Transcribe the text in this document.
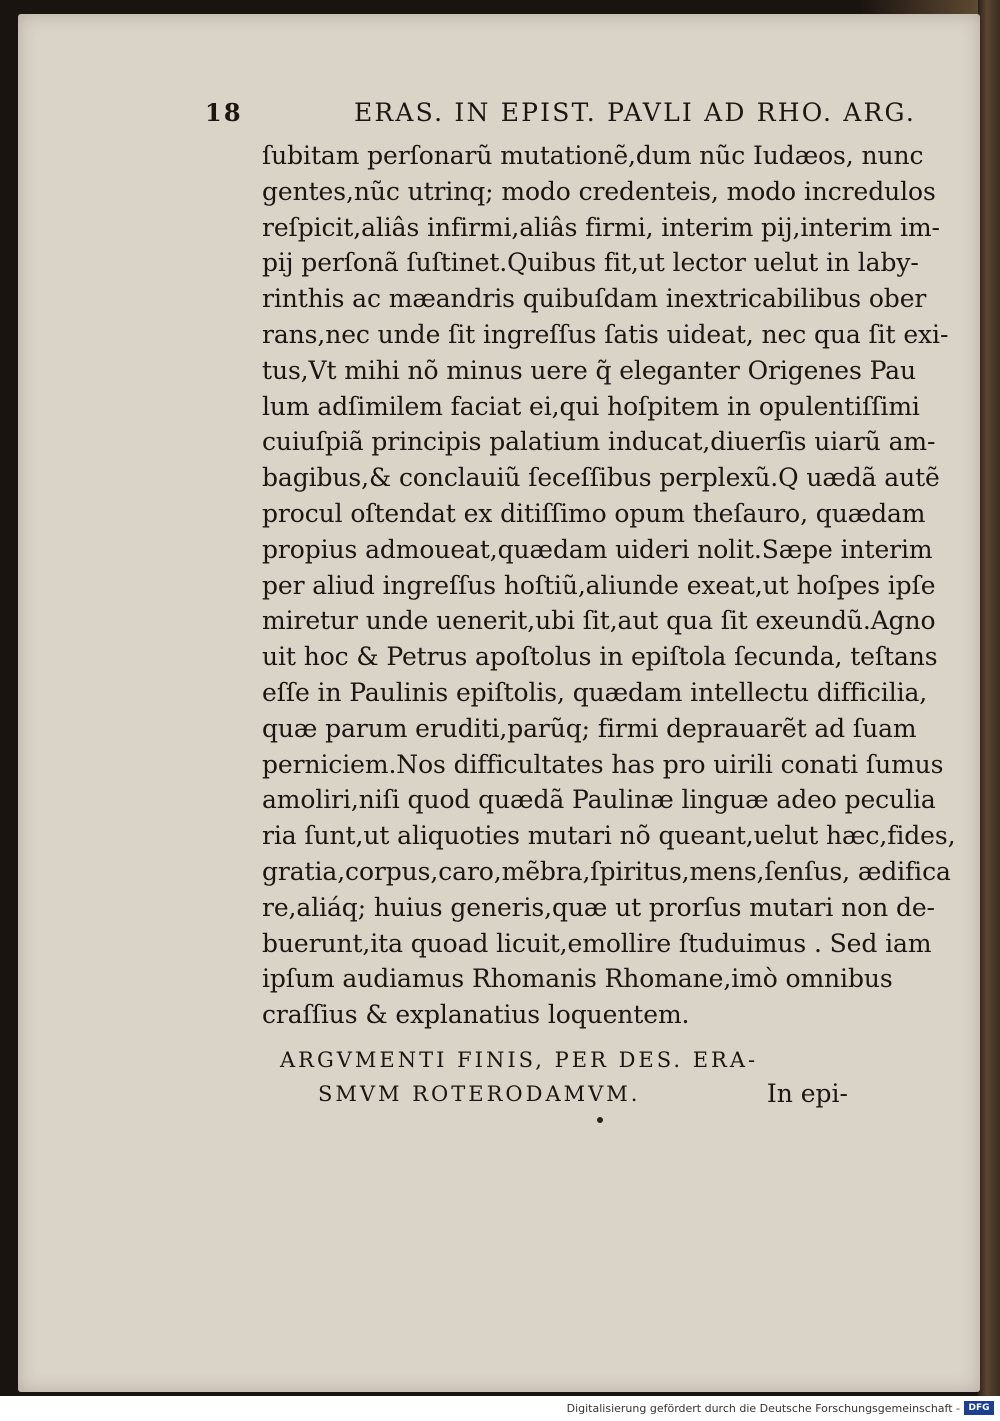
18	ERAS. IN EPIST. PAVLI AD RHO. ARG.
ſubitam perſonarũ mutationẽ,dum nũc Iudæos, nunc
gentes,nũc utrinq; modo credenteis, modo incredulos
reſpicit,aliâs infirmi,aliâs firmi, interim pij,interim im-
pij perſonã ſuſtinet.Quibus fit,ut lector uelut in laby-
rinthis ac mæandris quibuſdam inextricabilibus ober
rans,nec unde ſit ingreſſus ſatis uideat, nec qua ſit exi-
tus,Vt mihi nõ minus uere q̃ eleganter Origenes Pau
lum adſimilem faciat ei,qui hoſpitem in opulentiſſimi
cuiuſpiã principis palatium inducat,diuerſis uiarũ am-
bagibus,& conclauiũ ſeceſſibus perplexũ.Q uædã autẽ
procul oſtendat ex ditiſſimo opum theſauro, quædam
propius admoueat,quædam uideri nolit.Sæpe interim
per aliud ingreſſus hoſtiũ,aliunde exeat,ut hoſpes ipſe
miretur unde uenerit,ubi ſit,aut qua ſit exeundũ.Agno
uit hoc & Petrus apoſtolus in epiſtola ſecunda, teſtans
eſſe in Paulinis epiſtolis, quædam intellectu difficilia,
quæ parum eruditi,parũq; firmi deprauarẽt ad ſuam
perniciem.Nos difficultates has pro uirili conati ſumus
amoliri,niſi quod quædã Paulinæ linguæ adeo peculia
ria ſunt,ut aliquoties mutari nõ queant,uelut hæc,fides,
gratia,corpus,caro,mẽbra,ſpiritus,mens,ſenſus, ædifica
re,aliáq; huius generis,quæ ut prorſus mutari non de-
buerunt,ita quoad licuit,emollire ſtuduimus . Sed iam
ipſum audiamus Rhomanis Rhomane,imò omnibus
craſſius & explanatius loquentem.
ARGVMENTI FINIS, PER DES. ERA-
SMVM ROTERODAMVM.	In epi-
Digitalisierung gefördert durch die Deutsche Forschungsgemeinschaft - DFG
